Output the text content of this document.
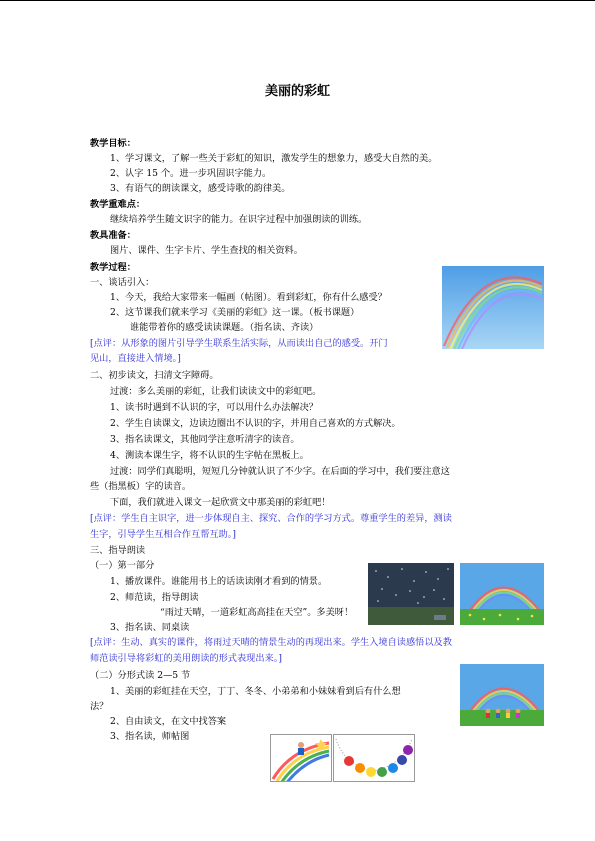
美丽的彩虹
教学目标：
1、学习课文，了解一些关于彩虹的知识，激发学生的想象力，感受大自然的美。
2、认字 15 个。进一步巩固识字能力。
3、有语气的朗读课文，感受诗歌的韵律美。
教学重难点：
继续培养学生随文识字的能力。在识字过程中加强朗读的训练。
教具准备：
图片、课件、生字卡片、学生查找的相关资料。
教学过程：
一、谈话引入：
1、今天，我给大家带来一幅画（帖图）。看到彩虹，你有什么感受？
2、这节课我们就来学习《美丽的彩虹》这一课。（板书课题）
谁能带着你的感受读读课题。（指名读、齐读）
[点评：从形象的图片引导学生联系生活实际，从而读出自己的感受。开门
见山，直接进入情境。]
二、初步读文，扫清文字障碍。
过渡：多么美丽的彩虹，让我们读读文中的彩虹吧。
1、读书时遇到不认识的字，可以用什么办法解决？
2、学生自读课文，边读边圈出不认识的字，并用自己喜欢的方式解决。
3、指名读课文，其他同学注意听清字的读音。
4、测读本课生字，将不认识的生字帖在黑板上。
过渡：同学们真聪明，短短几分钟就认识了不少字。在后面的学习中，我们要注意这
些（指黑板）字的读音。
下面，我们就进入课文一起欣赏文中那美丽的彩虹吧！
[点评：学生自主识字，进一步体现自主、探究、合作的学习方式。尊重学生的差异，测读
生字，引导学生互相合作互帮互助。]
三、指导朗读
（一）第一部分
1、播放课件。谁能用书上的话读读刚才看到的情景。
2、师范读，指导朗读
“雨过天晴，一道彩虹高高挂在天空”。多美呀！
3、指名读、同桌读
[点评：生动、真实的课件，将雨过天晴的情景生动的再现出来。学生入境自读感悟以及教
师范读引导将彩虹的美用朗读的形式表现出来。]
（二）分形式读 2—5 节
1、美丽的彩虹挂在天空，丁丁、冬冬、小弟弟和小妹妹看到后有什么想
法？
2、自由读文，在文中找答案
3、指名读，师帖图
